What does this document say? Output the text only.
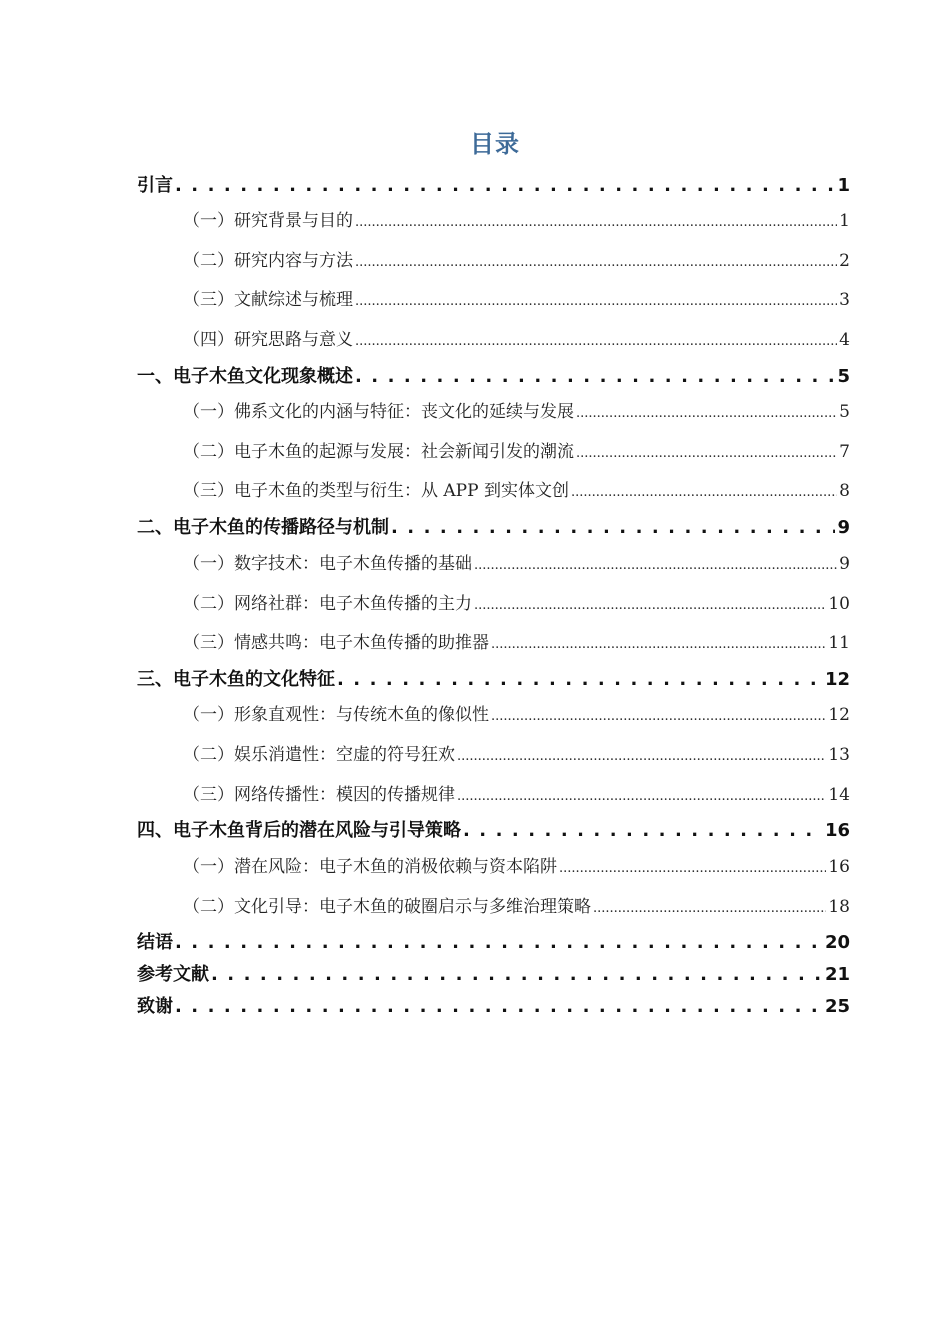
目录
引言 . . .	1
（一）研究背景与目的 .....	1
（二）研究内容与方法 .....	2
（三）文献综述与梳理 .....	3
（四）研究思路与意义 .....	4
一、电子木鱼文化现象概述 . . .	5
（一）佛系文化的内涵与特征：丧文化的延续与发展 .....	5
（二）电子木鱼的起源与发展：社会新闻引发的潮流 .....	7
（三）电子木鱼的类型与衍生：从 APP 到实体文创 .....	8
二、电子木鱼的传播路径与机制 . . .	9
（一）数字技术：电子木鱼传播的基础 .....	9
（二）网络社群：电子木鱼传播的主力 .....	10
（三）情感共鸣：电子木鱼传播的助推器 .....	11
三、电子木鱼的文化特征 . . .	12
（一）形象直观性：与传统木鱼的像似性 .....	12
（二）娱乐消遣性：空虚的符号狂欢 .....	13
（三）网络传播性：模因的传播规律 .....	14
四、电子木鱼背后的潜在风险与引导策略 . . .	16
（一）潜在风险：电子木鱼的消极依赖与资本陷阱 .....	16
（二）文化引导：电子木鱼的破圈启示与多维治理策略 .....	18
结语 . . .	20
参考文献 . . .	21
致谢 . . .	25
